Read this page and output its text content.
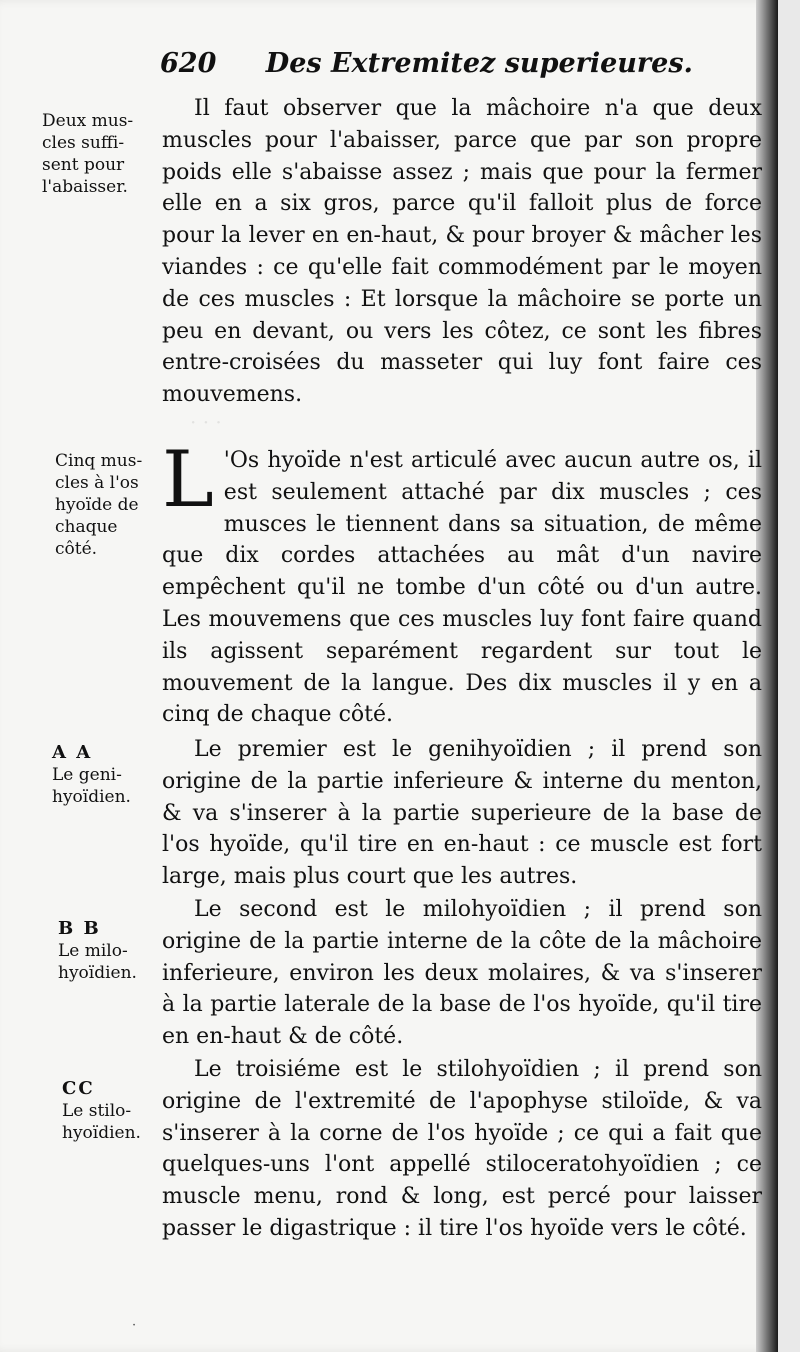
· · ·
620 Des Extremitez superieures.
Deux mus-cles suffi-sent pour l'abaisser.
Cinq mus-cles à l'os hyoïde de chaque côté.
A A
Le geni-hyoïdien.
B B
Le milo-hyoïdien.
CC
Le stilo-hyoïdien.

Il faut observer que la mâchoire n'a que deux muscles pour l'abaisser, parce que par son propre poids elle s'abaisse assez ; mais que pour la fermer elle en a six gros, parce qu'il falloit plus de force pour la lever en en-haut, & pour broyer & mâcher les viandes : ce qu'elle fait commodément par le moyen de ces muscles : Et lorsque la mâchoire se porte un peu en devant, ou vers les côtez, ce sont les fibres entre-croisées du masseter qui luy font faire ces mouvemens.

L 'Os hyoïde n'est articulé avec aucun autre os, il est seulement attaché par dix muscles ; ces musces le tiennent dans sa situation, de même que dix cordes attachées au mât d'un navire empêchent qu'il ne tombe d'un côté ou d'un autre. Les mouvemens que ces muscles luy font faire quand ils agissent separément regardent sur tout le mouvement de la langue. Des dix muscles il y en a cinq de chaque côté.

Le premier est le genihyoïdien ; il prend son origine de la partie inferieure & interne du menton, & va s'inserer à la partie superieure de la base de l'os hyoïde, qu'il tire en en-haut : ce muscle est fort large, mais plus court que les autres.

Le second est le milohyoïdien ; il prend son origine de la partie interne de la côte de la mâchoire inferieure, environ les deux molaires, & va s'inserer à la partie laterale de la base de l'os hyoïde, qu'il tire en en-haut & de côté.

Le troisiéme est le stilohyoïdien ; il prend son origine de l'extremité de l'apophyse stiloïde, & va s'inserer à la corne de l'os hyoïde ; ce qui a fait que quelques-uns l'ont appellé stiloceratohyoïdien ; ce muscle menu, rond & long, est percé pour laisser passer le digastrique : il tire l'os hyoïde vers le côté.

·
